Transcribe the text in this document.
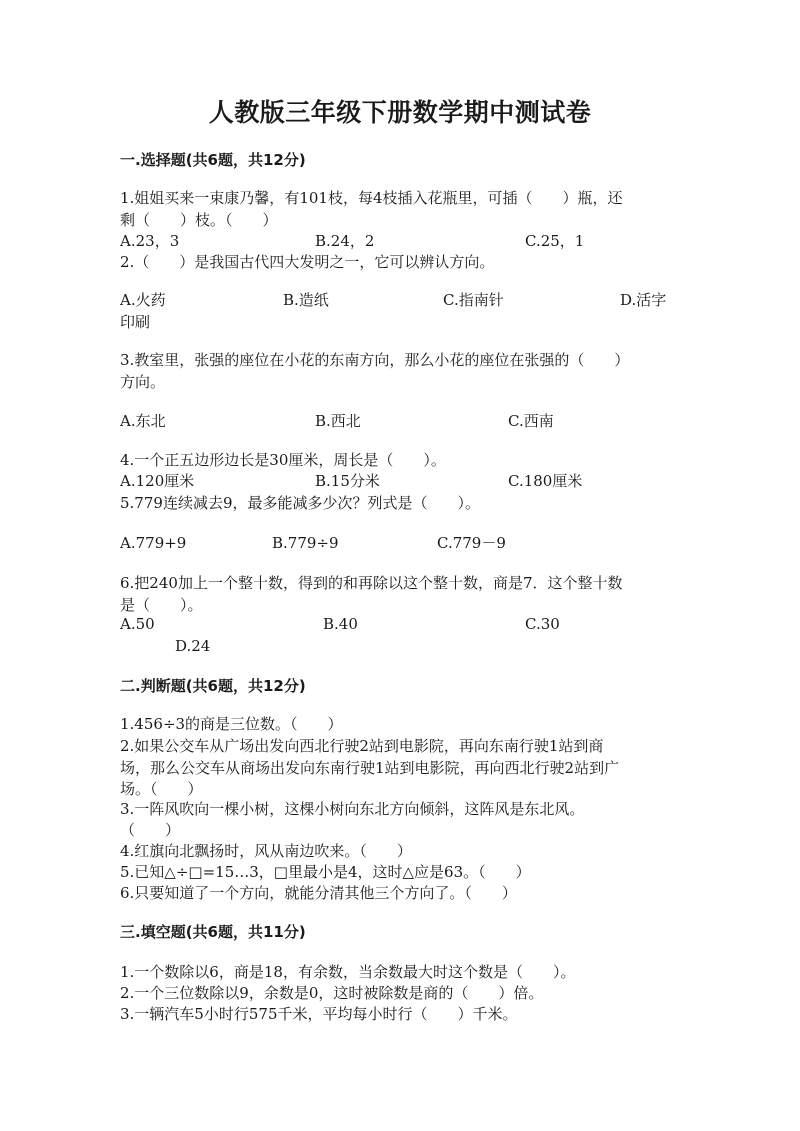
人教版三年级下册数学期中测试卷
一.选择题(共6题，共12分)
1.姐姐买来一束康乃馨，有101枝，每4枝插入花瓶里，可插（　　）瓶，还
剩（　　）枝。（　　）
A.23，3	B.24，2	C.25，1
2.（　　）是我国古代四大发明之一，它可以辨认方向。
A.火药	B.造纸	C.指南针	D.活字
印刷
3.教室里，张强的座位在小花的东南方向，那么小花的座位在张强的（　　）
方向。
A.东北	B.西北	C.西南
4.一个正五边形边长是30厘米，周长是（　　）。
A.120厘米	B.15分米	C.180厘米
5.779连续减去9，最多能减多少次？列式是（　　）。
A.779+9	B.779÷9	C.779－9
6.把240加上一个整十数，得到的和再除以这个整十数，商是7．这个整十数
是（　　）。
A.50	B.40	C.30
D.24
二.判断题(共6题，共12分)
1.456÷3的商是三位数。（　　）
2.如果公交车从广场出发向西北行驶2站到电影院，再向东南行驶1站到商
场，那么公交车从商场出发向东南行驶1站到电影院，再向西北行驶2站到广
场。（　　）
3.一阵风吹向一棵小树，这棵小树向东北方向倾斜，这阵风是东北风。
（　　）
4.红旗向北飘扬时，风从南边吹来。（　　）
5.已知△÷□=15…3，□里最小是4，这时△应是63。（　　）
6.只要知道了一个方向，就能分清其他三个方向了。（　　）
三.填空题(共6题，共11分)
1.一个数除以6，商是18，有余数，当余数最大时这个数是（　　）。
2.一个三位数除以9，余数是0，这时被除数是商的（　　）倍。
3.一辆汽车5小时行575千米，平均每小时行（　　）千米。
